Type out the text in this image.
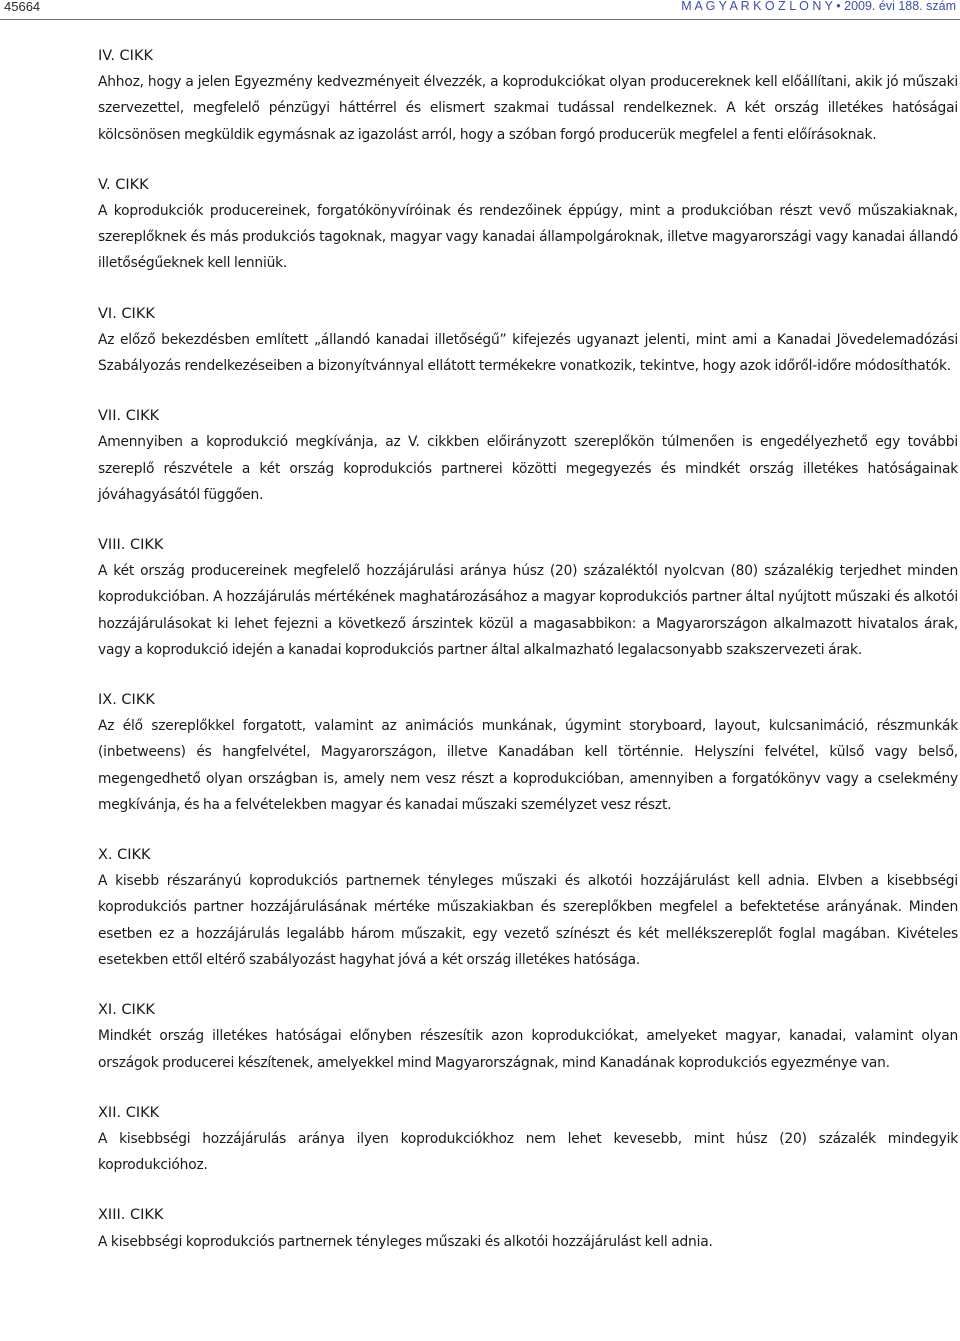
45664	M A G Y A R K Ö Z L Ö N Y • 2009. évi 188. szám

IV. CIKK

Ahhoz, hogy a jelen Egyezmény kedvezményeit élvezzék, a koprodukciókat olyan producereknek kell előállítani, akik jó műszaki szervezettel, megfelelő pénzügyi háttérrel és elismert szakmai tudással rendelkeznek. A két ország illetékes hatóságai kölcsönösen megküldik egymásnak az igazolást arról, hogy a szóban forgó producerük megfelel a fenti előírásoknak.

V. CIKK

A koprodukciók producereinek, forgatókönyvíróinak és rendezőinek éppúgy, mint a produkcióban részt vevő műszakiaknak, szereplőknek és más produkciós tagoknak, magyar vagy kanadai állampolgároknak, illetve magyarországi vagy kanadai állandó illetőségűeknek kell lenniük.

VI. CIKK

Az előző bekezdésben említett „állandó kanadai illetőségű” kifejezés ugyanazt jelenti, mint ami a Kanadai Jövedelemadózási Szabályozás rendelkezéseiben a bizonyítvánnyal ellátott termékekre vonatkozik, tekintve, hogy azok időről-időre módosíthatók.

VII. CIKK

Amennyiben a koprodukció megkívánja, az V. cikkben előirányzott szereplőkön túlmenően is engedélyezhető egy további szereplő részvétele a két ország koprodukciós partnerei közötti megegyezés és mindkét ország illetékes hatóságainak jóváhagyásától függően.

VIII. CIKK

A két ország producereinek megfelelő hozzájárulási aránya húsz (20) százaléktól nyolcvan (80) százalékig terjedhet minden koprodukcióban. A hozzájárulás mértékének maghatározásához a magyar koprodukciós partner által nyújtott műszaki és alkotói hozzájárulásokat ki lehet fejezni a következő árszintek közül a magasabbikon: a Magyarországon alkalmazott hivatalos árak, vagy a koprodukció idején a kanadai koprodukciós partner által alkalmazható legalacsonyabb szakszervezeti árak.

IX. CIKK

Az élő szereplőkkel forgatott, valamint az animációs munkának, úgymint storyboard, layout, kulcsanimáció, részmunkák (inbetweens) és hangfelvétel, Magyarországon, illetve Kanadában kell történnie. Helyszíni felvétel, külső vagy belső, megengedhető olyan országban is, amely nem vesz részt a koprodukcióban, amennyiben a forgatókönyv vagy a cselekmény megkívánja, és ha a felvételekben magyar és kanadai műszaki személyzet vesz részt.

X. CIKK

A kisebb részarányú koprodukciós partnernek tényleges műszaki és alkotói hozzájárulást kell adnia. Elvben a kisebbségi koprodukciós partner hozzájárulásának mértéke műszakiakban és szereplőkben megfelel a befektetése arányának. Minden esetben ez a hozzájárulás legalább három műszakit, egy vezető színészt és két mellékszereplőt foglal magában. Kivételes esetekben ettől eltérő szabályozást hagyhat jóvá a két ország illetékes hatósága.

XI. CIKK

Mindkét ország illetékes hatóságai előnyben részesítik azon koprodukciókat, amelyeket magyar, kanadai, valamint olyan országok producerei készítenek, amelyekkel mind Magyarországnak, mind Kanadának koprodukciós egyezménye van.

XII. CIKK

A kisebbségi hozzájárulás aránya ilyen koprodukciókhoz nem lehet kevesebb, mint húsz (20) százalék mindegyik koprodukcióhoz.

XIII. CIKK

A kisebbségi koprodukciós partnernek tényleges műszaki és alkotói hozzájárulást kell adnia.
